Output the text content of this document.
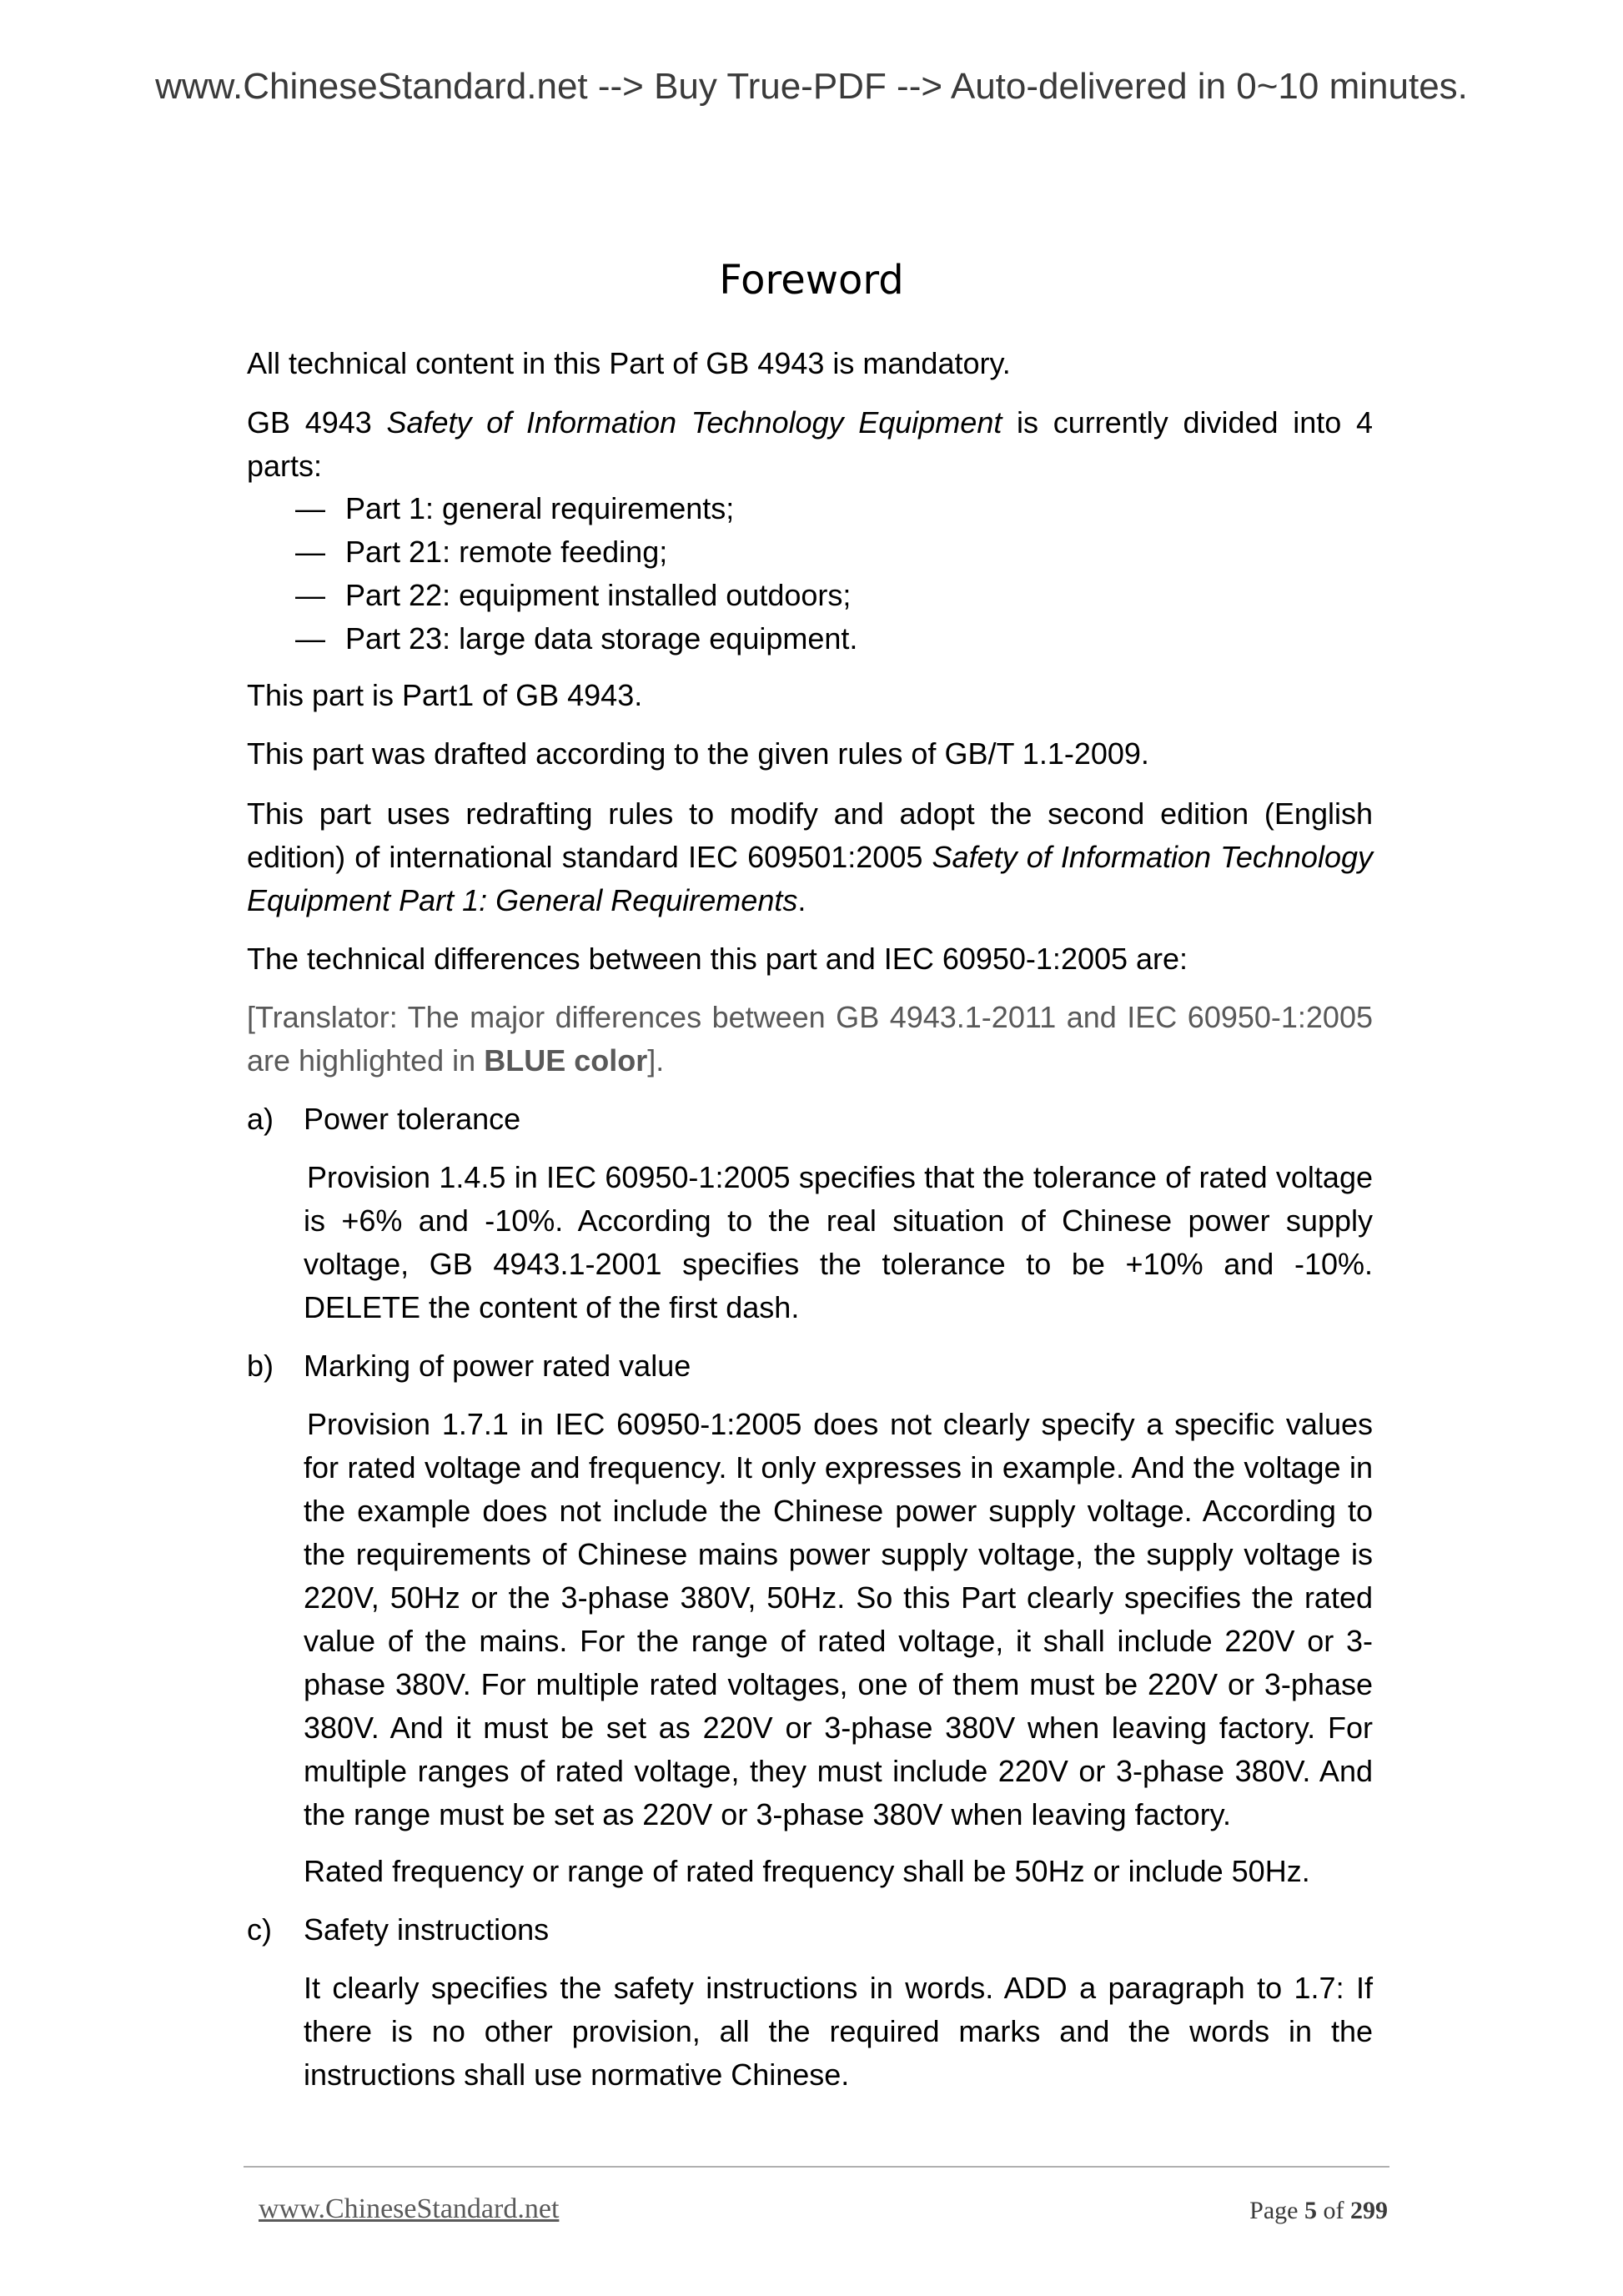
www.ChineseStandard.net --> Buy True-PDF --> Auto-delivered in 0~10 minutes.
Foreword

All technical content in this Part of GB 4943 is mandatory.

GB 4943 Safety of Information Technology Equipment is currently divided into 4 parts:

— Part 1: general requirements;
— Part 21: remote feeding;
— Part 22: equipment installed outdoors;
— Part 23: large data storage equipment.

This part is Part1 of GB 4943.

This part was drafted according to the given rules of GB/T 1.1-2009.

This part uses redrafting rules to modify and adopt the second edition (English edition) of international standard IEC 609501:2005 Safety of Information Technology Equipment Part 1: General Requirements.

The technical differences between this part and IEC 60950-1:2005 are:

[Translator: The major differences between GB 4943.1-2011 and IEC 60950-1:2005 are highlighted in BLUE color].

a) Power tolerance

Provision 1.4.5 in IEC 60950-1:2005 specifies that the tolerance of rated voltage is +6% and -10%. According to the real situation of Chinese power supply voltage, GB 4943.1-2001 specifies the tolerance to be +10% and -10%. DELETE the content of the first dash.

b) Marking of power rated value

Provision 1.7.1 in IEC 60950-1:2005 does not clearly specify a specific values for rated voltage and frequency. It only expresses in example. And the voltage in the example does not include the Chinese power supply voltage. According to the requirements of Chinese mains power supply voltage, the supply voltage is 220V, 50Hz or the 3-phase 380V, 50Hz. So this Part clearly specifies the rated value of the mains. For the range of rated voltage, it shall include 220V or 3-phase 380V. For multiple rated voltages, one of them must be 220V or 3-phase 380V. And it must be set as 220V or 3-phase 380V when leaving factory. For multiple ranges of rated voltage, they must include 220V or 3-phase 380V. And the range must be set as 220V or 3-phase 380V when leaving factory.

Rated frequency or range of rated frequency shall be 50Hz or include 50Hz.

c) Safety instructions

It clearly specifies the safety instructions in words. ADD a paragraph to 1.7: If there is no other provision, all the required marks and the words in the instructions shall use normative Chinese.

www.ChineseStandard.net	Page 5 of 299
